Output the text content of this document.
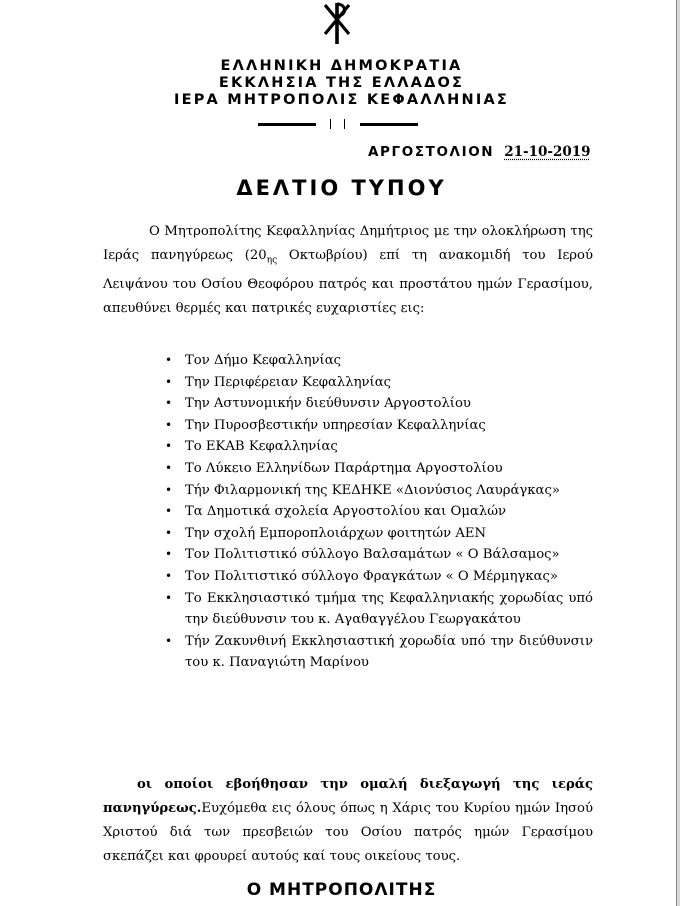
ΕΛΛΗΝΙΚΗ ΔΗΜΟΚΡΑΤΙΑ
ΕΚΚΛΗΣΙΑ ΤΗΣ ΕΛΛΑΔΟΣ
ΙΕΡΑ ΜΗΤΡΟΠΟΛΙΣ ΚΕΦΑΛΛΗΝΙΑΣ
ΑΡΓΟΣΤΟΛΙΟΝ 21-10-2019
ΔΕΛΤΙΟ ΤΥΠΟΥ
Ο Μητροπολίτης Κεφαλληνίας Δημήτριος με την ολοκλήρωση της Ιεράς πανηγύρεως ($20_{\eta\varsigma}$ Οκτωβρίου) επί τη ανακομιδή του Ιερού Λειψάνου του Οσίου Θεοφόρου πατρός και προστάτου ημών Γερασίμου, απευθύνει θερμές και πατρικές ευχαριστίες εις:
• Τον Δήμο Κεφαλληνίας
• Την Περιφέρειαν Κεφαλληνίας
• Την Αστυνομικήν διεύθυνσιν Αργοστολίου
• Την Πυροσβεστικήν υπηρεσίαν Κεφαλληνίας
• Το ΕΚΑΒ Κεφαλληνίας
• Το Λύκειο Ελληνίδων Παράρτημα Αργοστολίου
• Τήν Φιλαρμονική της ΚΕΔΗΚΕ «Διονύσιος Λαυράγκας»
• Τα Δημοτικά σχολεία Αργοστολίου και Ομαλών
• Την σχολή Εμποροπλοιάρχων φοιτητών ΑΕΝ
• Τον Πολιτιστικό σύλλογο Βαλσαμάτων « Ο Βάλσαμος»
• Τον Πολιτιστικό σύλλογο Φραγκάτων « Ο Μέρμηγκας»
• Το Εκκλησιαστικό τμήμα της Κεφαλληνιακής χορωδίας υπό την διεύθυνσιν του κ. Αγαθαγγέλου Γεωργακάτου
• Τήν Ζακυνθινή Εκκλησιαστική χορωδία υπό την διεύθυνσιν του κ. Παναγιώτη Μαρίνου
οι οποίοι εβοήθησαν την ομαλή διεξαγωγή της ιεράς πανηγύρεως.Ευχόμεθα εις όλους όπως η Χάρις του Κυρίου ημών Ιησού Χριστού διά των πρεσβειών του Οσίου πατρός ημών Γερασίμου σκεπάζει και φρουρεί αυτούς καί τους οικείους τους.
Ο ΜΗΤΡΟΠΟΛΙΤΗΣ
